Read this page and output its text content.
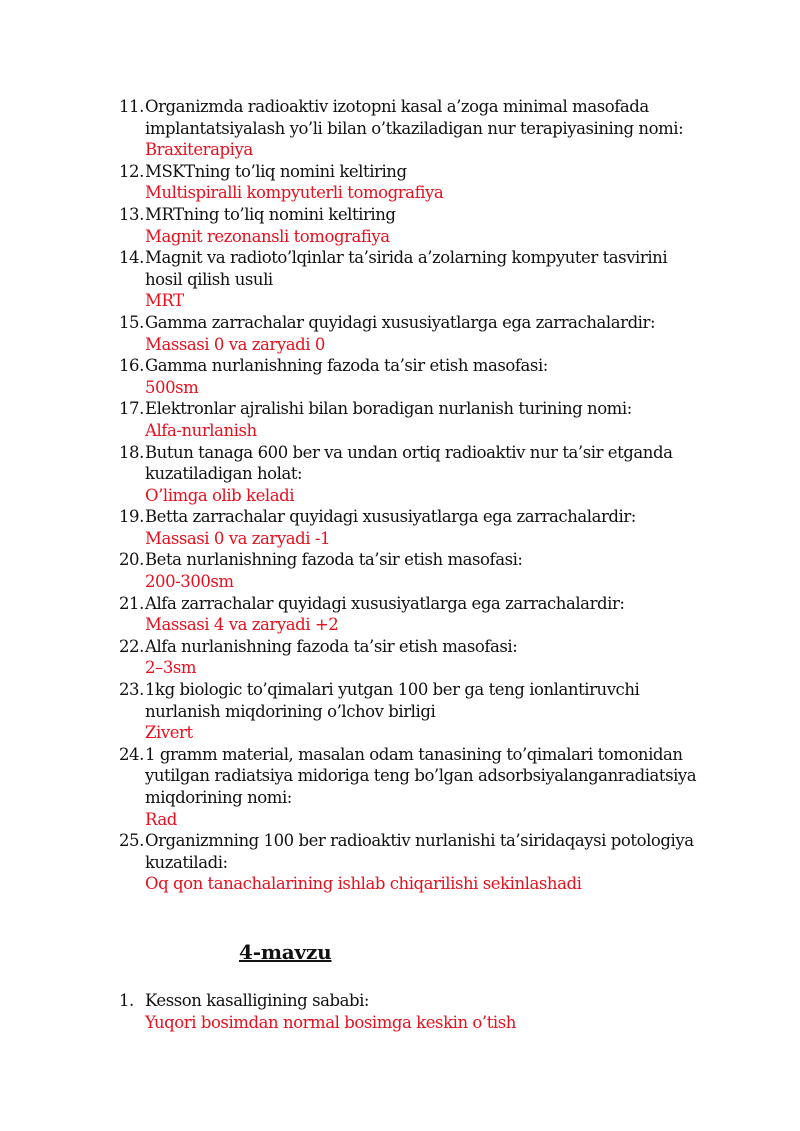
11. Organizmda radioaktiv izotopni kasal a’zoga minimal masofada implantatsiyalash yo’li bilan o’tkaziladigan nur terapiyasining nomi:
Braxiterapiya
12. MSKTning to’liq nomini keltiring
Multispiralli kompyuterli tomografiya
13. MRTning to’liq nomini keltiring
Magnit rezonansli tomografiya
14. Magnit va radioto’lqinlar ta’sirida a’zolarning kompyuter tasvirini hosil qilish usuli
MRT
15. Gamma zarrachalar quyidagi xususiyatlarga ega zarrachalardir:
Massasi 0 va zaryadi 0
16. Gamma nurlanishning fazoda ta’sir etish masofasi:
500sm
17. Elektronlar ajralishi bilan boradigan nurlanish turining nomi:
Alfa-nurlanish
18. Butun tanaga 600 ber va undan ortiq radioaktiv nur ta’sir etganda kuzatiladigan holat:
O’limga olib keladi
19. Betta zarrachalar quyidagi xususiyatlarga ega zarrachalardir:
Massasi 0 va zaryadi -1
20. Beta nurlanishning fazoda ta’sir etish masofasi:
200-300sm
21. Alfa zarrachalar quyidagi xususiyatlarga ega zarrachalardir:
Massasi 4 va zaryadi +2
22. Alfa nurlanishning fazoda ta’sir etish masofasi:
2–3sm
23. 1kg biologic to’qimalari yutgan 100 ber ga teng ionlantiruvchi nurlanish miqdorining o’lchov birligi
Zivert
24. 1 gramm material, masalan odam tanasining to’qimalari tomonidan yutilgan radiatsiya midoriga teng bo’lgan adsorbsiyalanganradiatsiya miqdorining nomi:
Rad
25. Organizmning 100 ber radioaktiv nurlanishi ta’siridaqaysi potologiya kuzatiladi:
Oq qon tanachalarining ishlab chiqarilishi sekinlashadi
4-mavzu
1. Kesson kasalligining sababi:
Yuqori bosimdan normal bosimga keskin o’tish
